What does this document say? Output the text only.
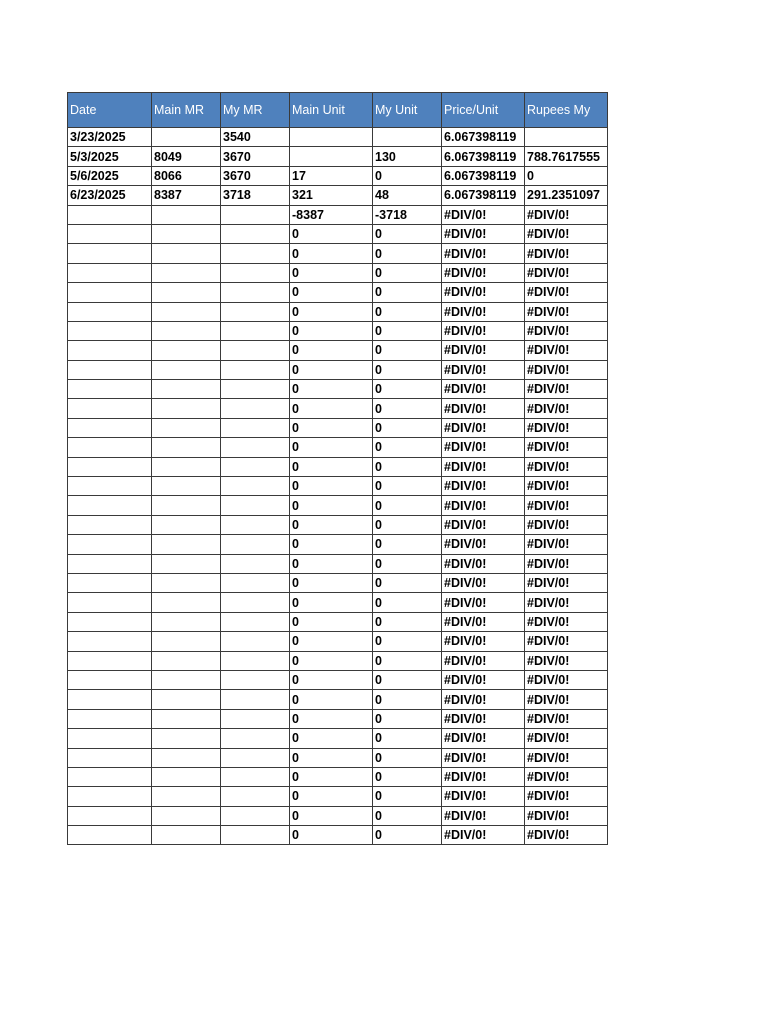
Date	Main MR	My MR	Main Unit	My Unit	Price/Unit	Rupees My
3/23/2025		3540			6.067398119	
5/3/2025	8049	3670		130	6.067398119	788.7617555
5/6/2025	8066	3670	17	0	6.067398119	0
6/23/2025	8387	3718	321	48	6.067398119	291.2351097
			-8387	-3718	#DIV/0!	#DIV/0!
			0	0	#DIV/0!	#DIV/0!
			0	0	#DIV/0!	#DIV/0!
			0	0	#DIV/0!	#DIV/0!
			0	0	#DIV/0!	#DIV/0!
			0	0	#DIV/0!	#DIV/0!
			0	0	#DIV/0!	#DIV/0!
			0	0	#DIV/0!	#DIV/0!
			0	0	#DIV/0!	#DIV/0!
			0	0	#DIV/0!	#DIV/0!
			0	0	#DIV/0!	#DIV/0!
			0	0	#DIV/0!	#DIV/0!
			0	0	#DIV/0!	#DIV/0!
			0	0	#DIV/0!	#DIV/0!
			0	0	#DIV/0!	#DIV/0!
			0	0	#DIV/0!	#DIV/0!
			0	0	#DIV/0!	#DIV/0!
			0	0	#DIV/0!	#DIV/0!
			0	0	#DIV/0!	#DIV/0!
			0	0	#DIV/0!	#DIV/0!
			0	0	#DIV/0!	#DIV/0!
			0	0	#DIV/0!	#DIV/0!
			0	0	#DIV/0!	#DIV/0!
			0	0	#DIV/0!	#DIV/0!
			0	0	#DIV/0!	#DIV/0!
			0	0	#DIV/0!	#DIV/0!
			0	0	#DIV/0!	#DIV/0!
			0	0	#DIV/0!	#DIV/0!
			0	0	#DIV/0!	#DIV/0!
			0	0	#DIV/0!	#DIV/0!
			0	0	#DIV/0!	#DIV/0!
			0	0	#DIV/0!	#DIV/0!
			0	0	#DIV/0!	#DIV/0!
